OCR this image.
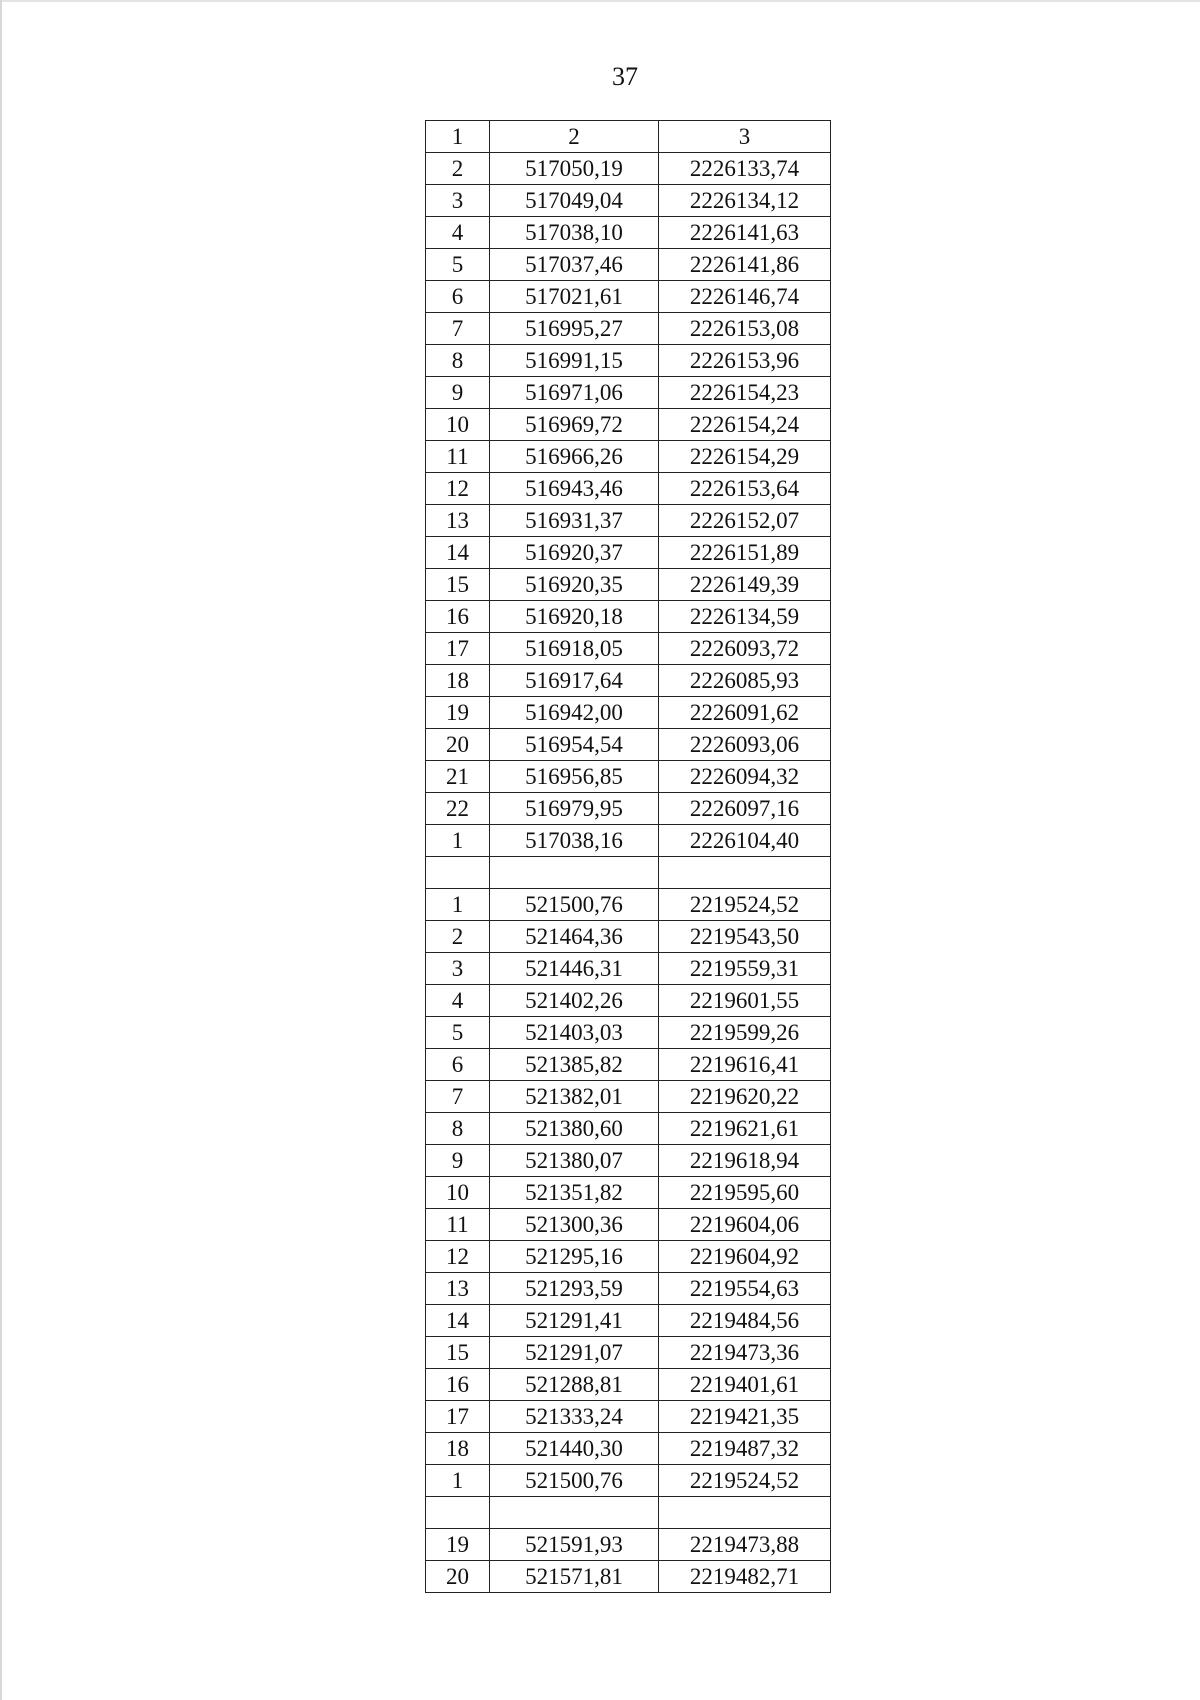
37
1	2	3
2	517050,19	2226133,74
3	517049,04	2226134,12
4	517038,10	2226141,63
5	517037,46	2226141,86
6	517021,61	2226146,74
7	516995,27	2226153,08
8	516991,15	2226153,96
9	516971,06	2226154,23
10	516969,72	2226154,24
11	516966,26	2226154,29
12	516943,46	2226153,64
13	516931,37	2226152,07
14	516920,37	2226151,89
15	516920,35	2226149,39
16	516920,18	2226134,59
17	516918,05	2226093,72
18	516917,64	2226085,93
19	516942,00	2226091,62
20	516954,54	2226093,06
21	516956,85	2226094,32
22	516979,95	2226097,16
1	517038,16	2226104,40

1	521500,76	2219524,52
2	521464,36	2219543,50
3	521446,31	2219559,31
4	521402,26	2219601,55
5	521403,03	2219599,26
6	521385,82	2219616,41
7	521382,01	2219620,22
8	521380,60	2219621,61
9	521380,07	2219618,94
10	521351,82	2219595,60
11	521300,36	2219604,06
12	521295,16	2219604,92
13	521293,59	2219554,63
14	521291,41	2219484,56
15	521291,07	2219473,36
16	521288,81	2219401,61
17	521333,24	2219421,35
18	521440,30	2219487,32
1	521500,76	2219524,52

19	521591,93	2219473,88
20	521571,81	2219482,71
